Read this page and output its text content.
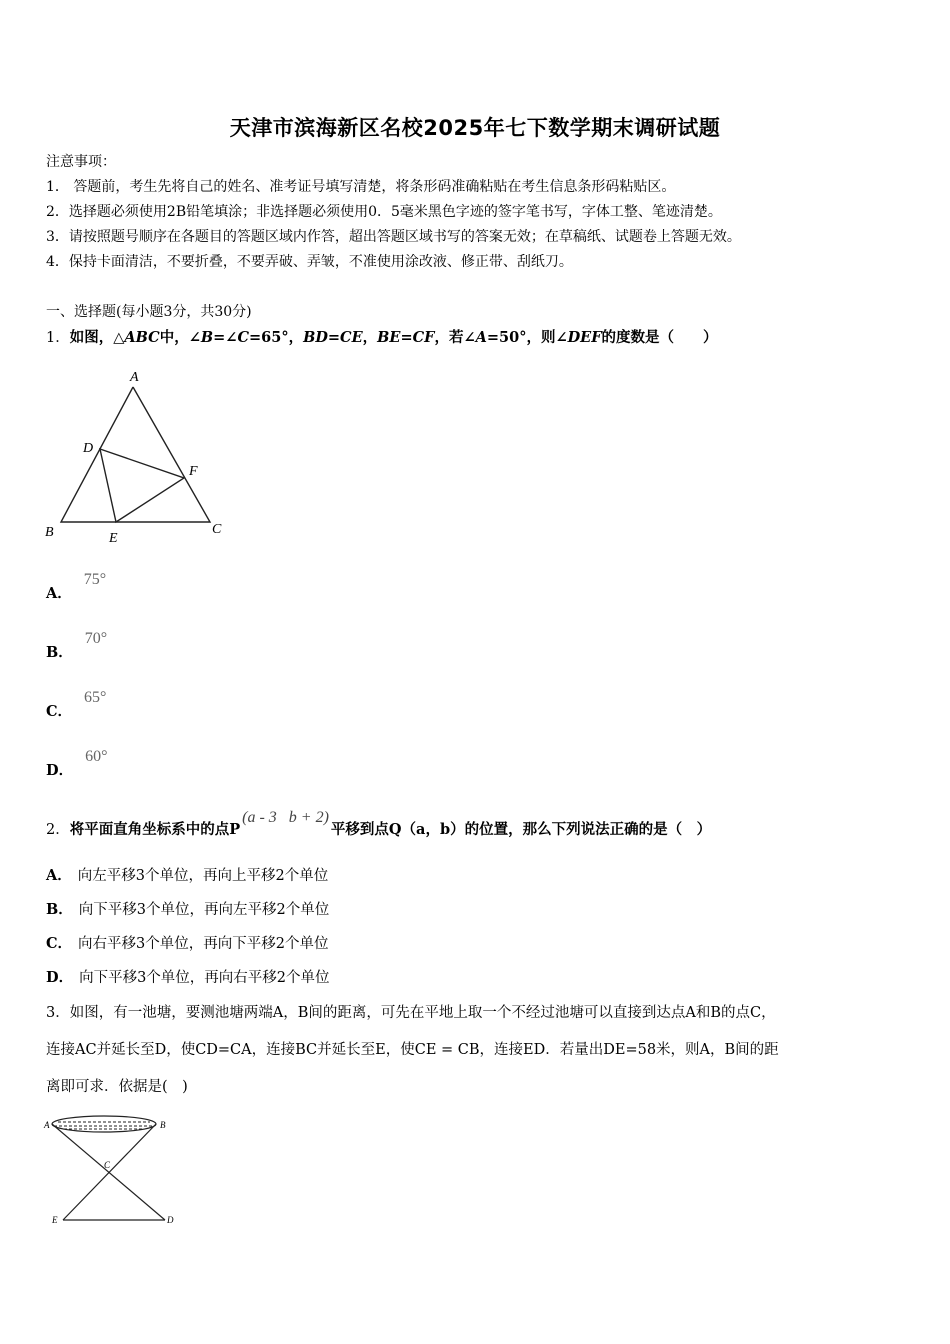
天津市滨海新区名校2025年七下数学期末调研试题
注意事项：
1． 答题前，考生先将自己的姓名、准考证号填写清楚，将条形码准确粘贴在考生信息条形码粘贴区。
2．选择题必须使用2B铅笔填涂；非选择题必须使用0．5毫米黑色字迹的签字笔书写，字体工整、笔迹清楚。
3．请按照题号顺序在各题目的答题区域内作答，超出答题区域书写的答案无效；在草稿纸、试题卷上答题无效。
4．保持卡面清洁，不要折叠，不要弄破、弄皱，不准使用涂改液、修正带、刮纸刀。
一、选择题(每小题3分，共30分)
1．如图，△ABC中，∠B=∠C=65°，BD=CE，BE=CF，若∠A=50°，则∠DEF的度数是（　　）
A
D
F
B	E
C
A．75°
B．70°
C．65°
D．60°
2．将平面直角坐标系中的点P(a - 3   b + 2)平移到点Q（a，b）的位置，那么下列说法正确的是（　）
A． 向左平移3个单位，再向上平移2个单位
B． 向下平移3个单位，再向左平移2个单位
C． 向右平移3个单位，再向下平移2个单位
D． 向下平移3个单位，再向右平移2个单位
3．如图，有一池塘，要测池塘两端A，B间的距离，可先在平地上取一个不经过池塘可以直接到达点A和B的点C，
连接AC并延长至D，使CD=CA，连接BC并延长至E，使CE = CB，连接ED．若量出DE=58米，则A，B间的距
离即可求．依据是(　)
A	B
C
E	D
